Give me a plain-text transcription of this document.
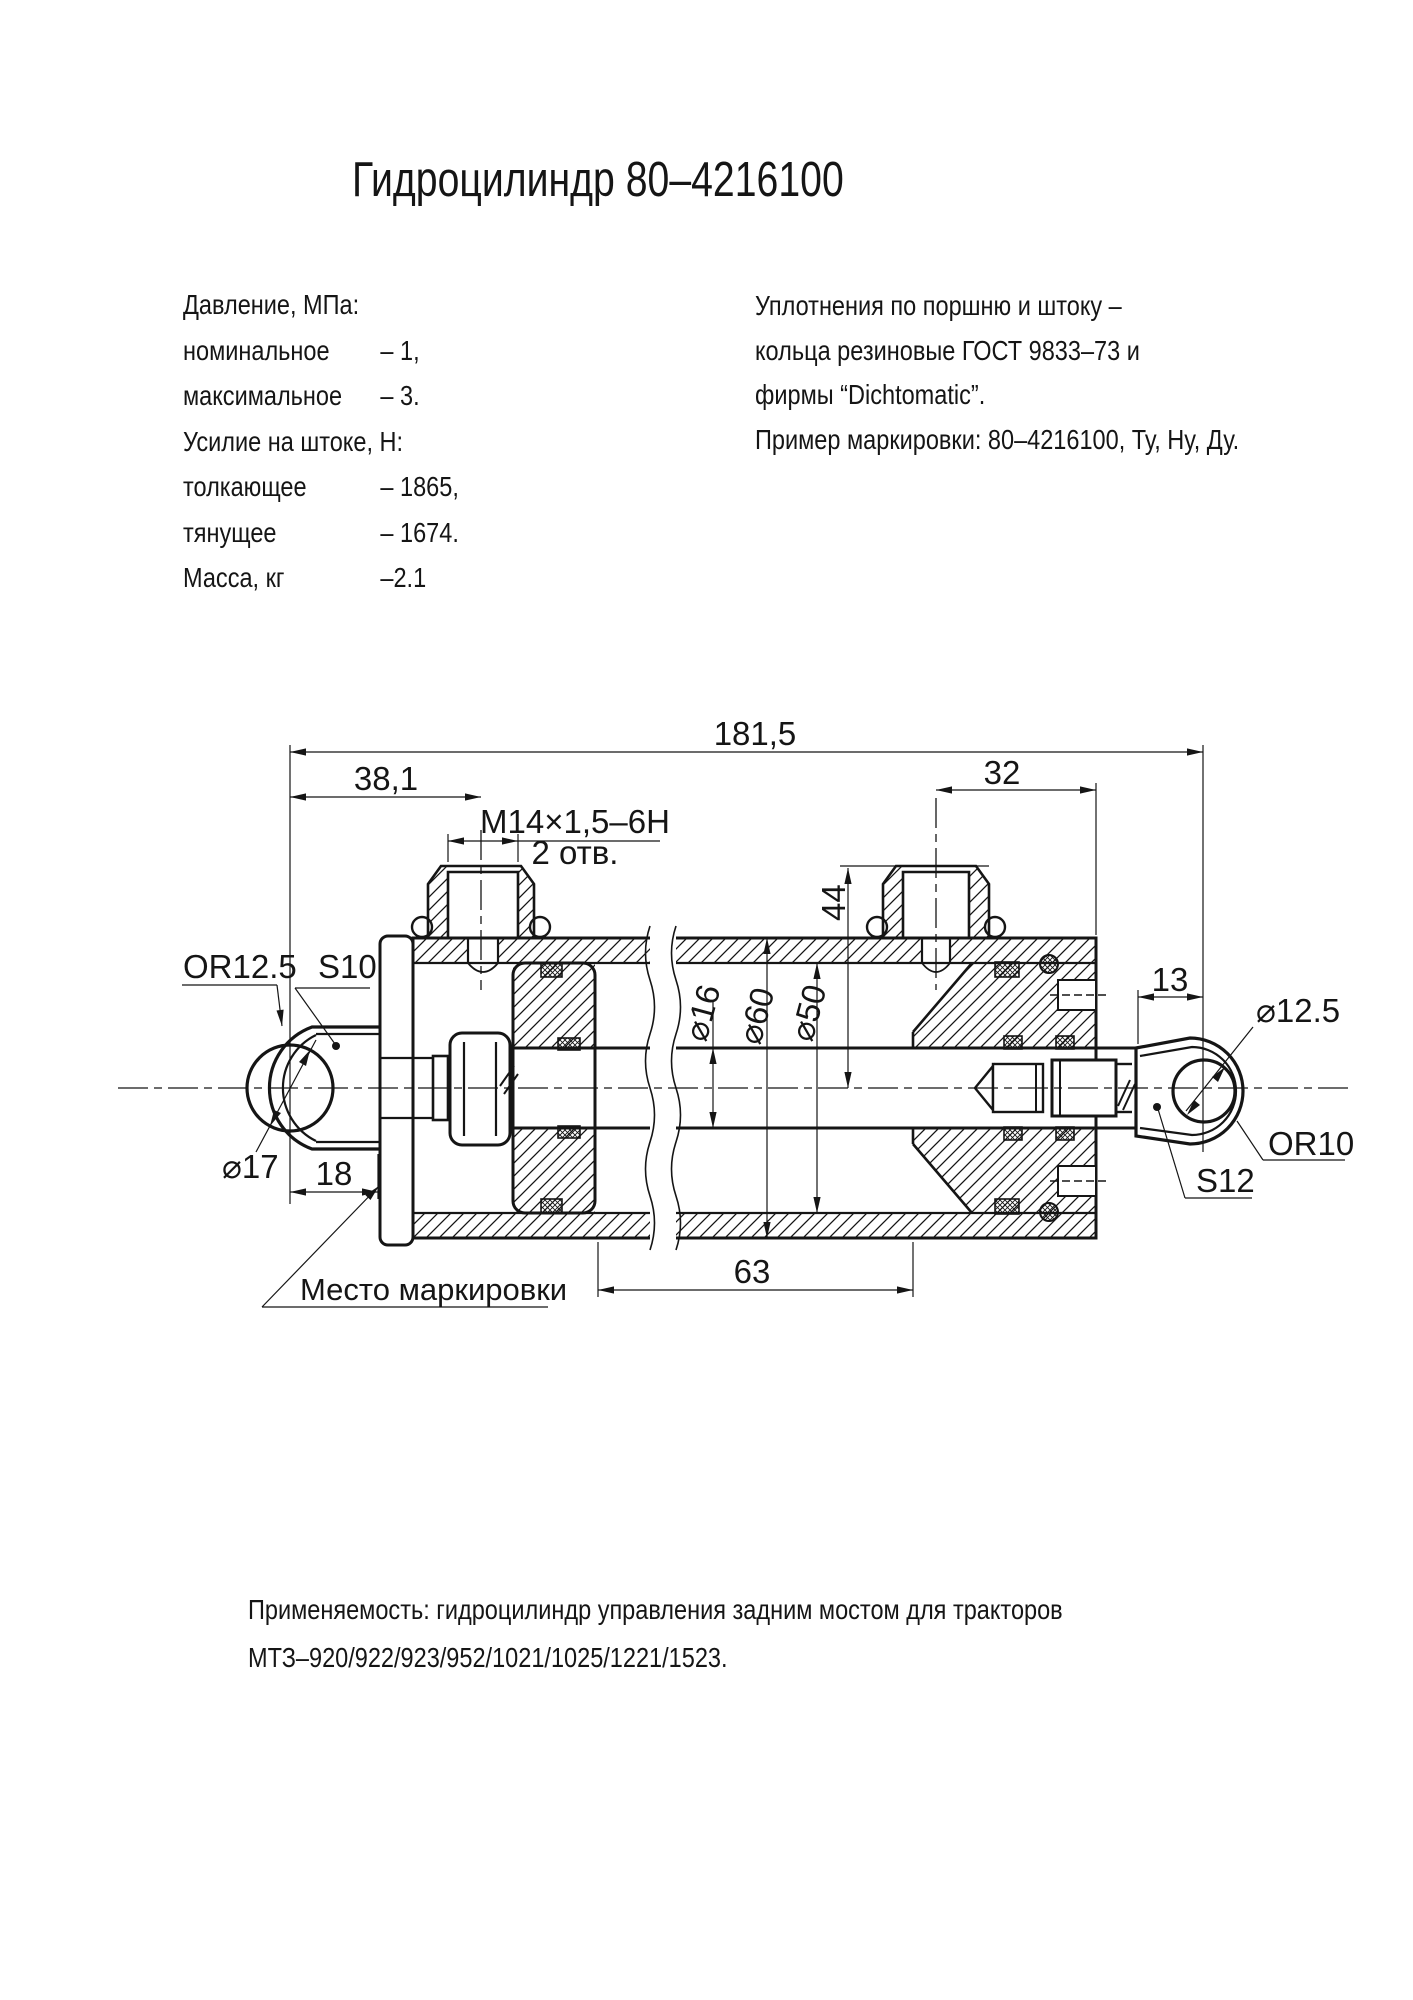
Гидроцилиндр 80–4216100
Давление, МПа:
номинальное	– 1,
максимальное	– 3.
Усилие на штоке, Н:
толкающее	– 1865,
тянущее	– 1674.
Масса, кг	–2.1
Уплотнения по поршню и штоку –
кольца резиновые ГОСТ 9833–73 и
фирмы “Dichtomatic”.
Пример маркировки: 80–4216100, Ту, Ну, Ду.
181,5
38,1
M14×1,5–6H
2 отв.
32
44
⌀16 ⌀60 ⌀50
OR12.5 S10
⌀17 18
13
⌀12.5
OR10
S12
63
Место маркировки
Применяемость: гидроцилиндр управления задним мостом для тракторов
МТЗ–920/922/923/952/1021/1025/1221/1523.
